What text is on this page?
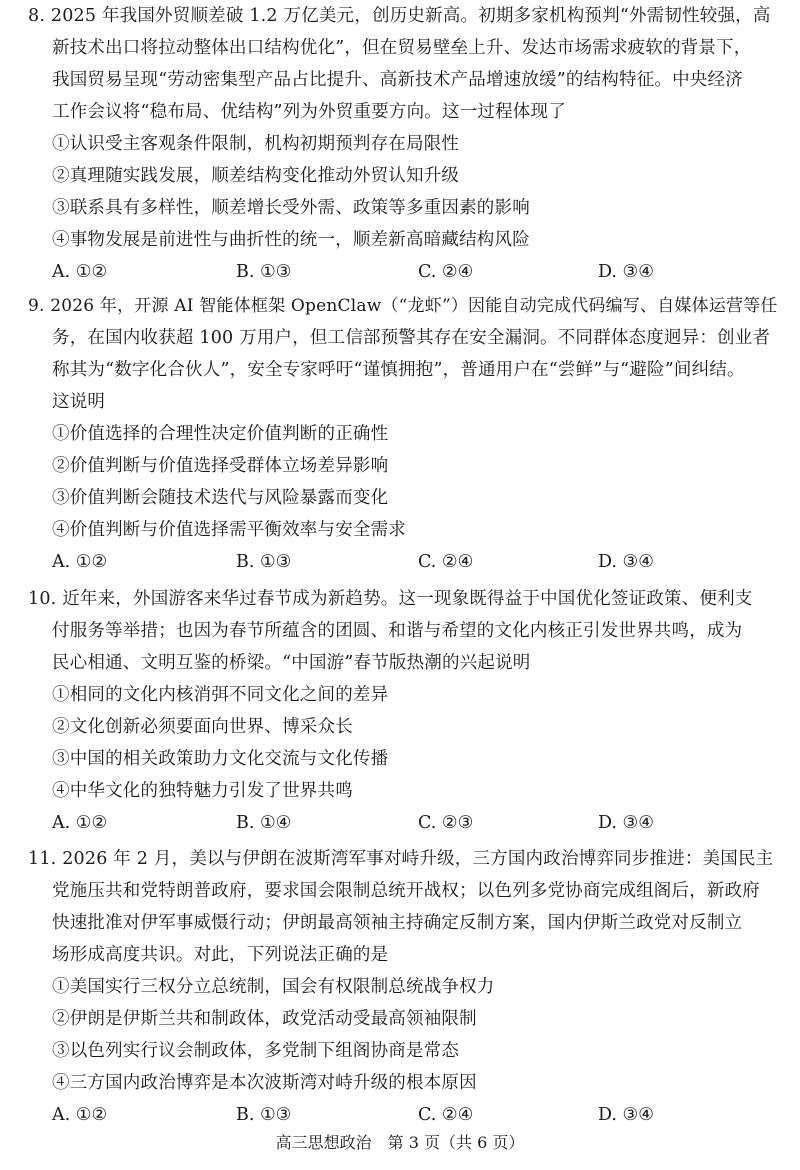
8. 2025 年我国外贸顺差破 1.2 万亿美元，创历史新高。初期多家机构预判“外需韧性较强，高
新技术出口将拉动整体出口结构优化”，但在贸易壁垒上升、发达市场需求疲软的背景下，
我国贸易呈现“劳动密集型产品占比提升、高新技术产品增速放缓”的结构特征。中央经济
工作会议将“稳布局、优结构”列为外贸重要方向。这一过程体现了
①认识受主客观条件限制，机构初期预判存在局限性
②真理随实践发展，顺差结构变化推动外贸认知升级
③联系具有多样性，顺差增长受外需、政策等多重因素的影响
④事物发展是前进性与曲折性的统一，顺差新高暗藏结构风险
A. ①②	B. ①③	C. ②④	D. ③④
9. 2026 年，开源 AI 智能体框架 OpenClaw（“龙虾”）因能自动完成代码编写、自媒体运营等任
务，在国内收获超 100 万用户，但工信部预警其存在安全漏洞。不同群体态度迥异：创业者
称其为“数字化合伙人”，安全专家呼吁“谨慎拥抱”，普通用户在“尝鲜”与“避险”间纠结。
这说明
①价值选择的合理性决定价值判断的正确性
②价值判断与价值选择受群体立场差异影响
③价值判断会随技术迭代与风险暴露而变化
④价值判断与价值选择需平衡效率与安全需求
A. ①②	B. ①③	C. ②④	D. ③④
10. 近年来，外国游客来华过春节成为新趋势。这一现象既得益于中国优化签证政策、便利支
付服务等举措；也因为春节所蕴含的团圆、和谐与希望的文化内核正引发世界共鸣，成为
民心相通、文明互鉴的桥梁。“中国游”春节版热潮的兴起说明
①相同的文化内核消弭不同文化之间的差异
②文化创新必须要面向世界、博采众长
③中国的相关政策助力文化交流与文化传播
④中华文化的独特魅力引发了世界共鸣
A. ①②	B. ①④	C. ②③	D. ③④
11. 2026 年 2 月，美以与伊朗在波斯湾军事对峙升级，三方国内政治博弈同步推进：美国民主
党施压共和党特朗普政府，要求国会限制总统开战权；以色列多党协商完成组阁后，新政府
快速批准对伊军事威慑行动；伊朗最高领袖主持确定反制方案，国内伊斯兰政党对反制立
场形成高度共识。对此，下列说法正确的是
①美国实行三权分立总统制，国会有权限制总统战争权力
②伊朗是伊斯兰共和制政体，政党活动受最高领袖限制
③以色列实行议会制政体，多党制下组阁协商是常态
④三方国内政治博弈是本次波斯湾对峙升级的根本原因
A. ①②	B. ①③	C. ②④	D. ③④
高三思想政治　第 3 页（共 6 页）
